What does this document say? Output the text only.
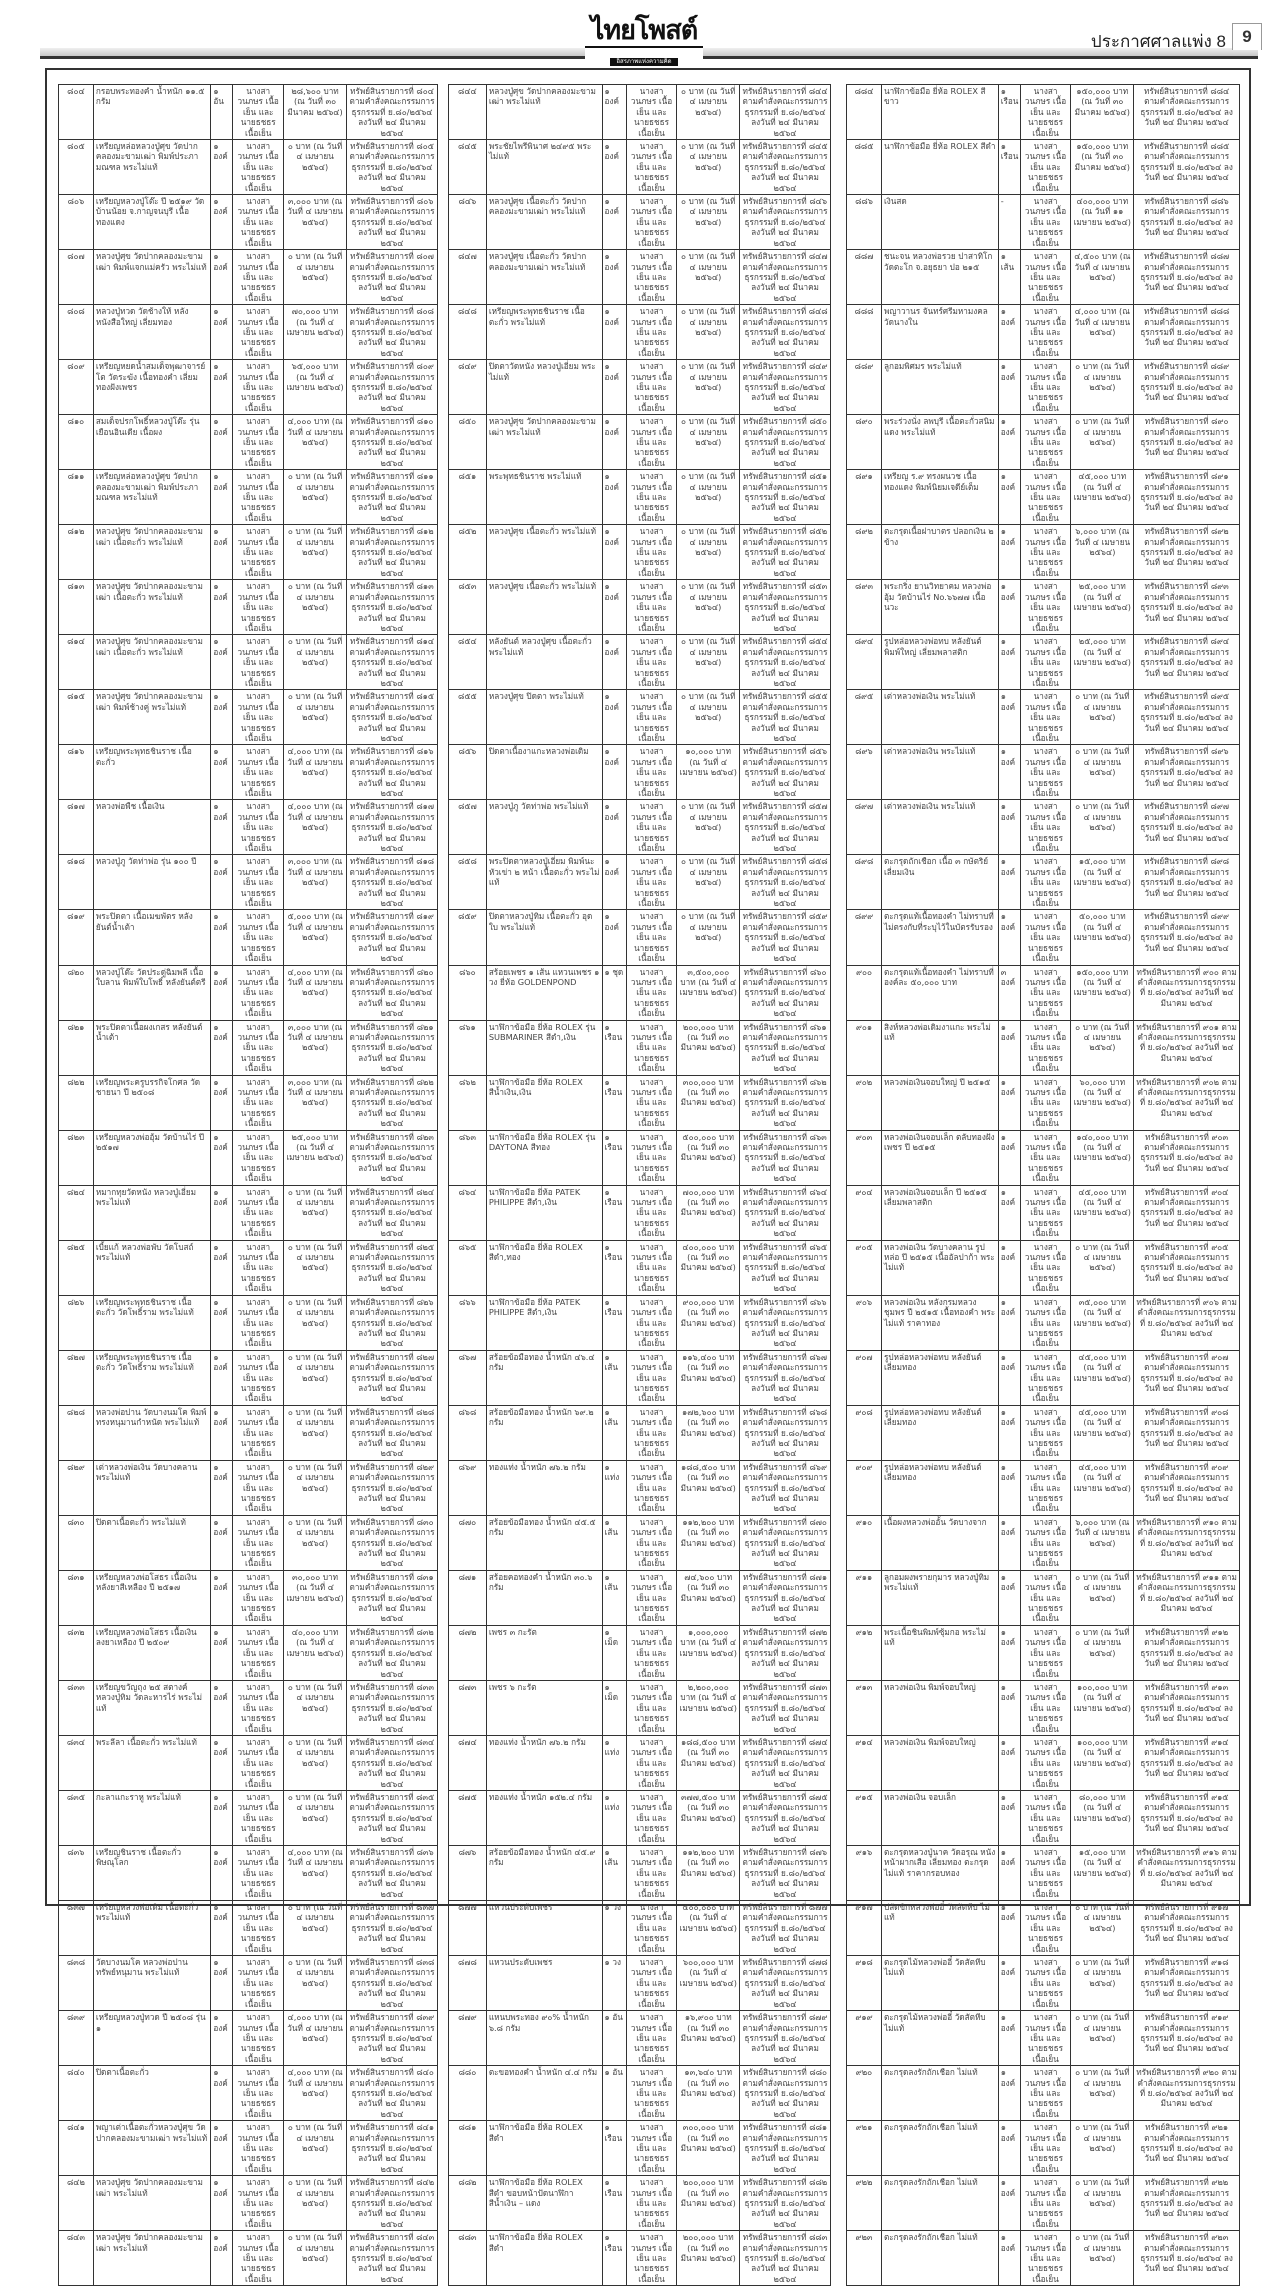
ไทยโพสต์
อิสรภาพแห่งความคิด
ประกาศศาลแพ่ง 8 9
๘๐๔	กรอบพระทองคำ น้ำหนัก ๑๑.๕ กรัม	๑ อัน	นางสาวนภษร เนื้อเย็น และ นายธชธร เนื้อเย็น	๒๘,๖๐๐ บาท (ณ วันที่ ๓๐ มีนาคม ๒๕๖๔)	ทรัพย์สินรายการที่ ๘๐๔ ตามคำสั่งคณะกรรมการธุรกรรมที่ ย.๘๐/๒๕๖๔ ลงวันที่ ๒๔ มีนาคม ๒๕๖๔
๘๐๕	เหรียญหล่อหลวงปู่ศุข วัดปากคลองมะขามเฒ่า พิมพ์ประภามณฑล พระไม่แท้	๑ องค์	นางสาวนภษร เนื้อเย็น และ นายธชธร เนื้อเย็น	๐ บาท (ณ วันที่ ๔ เมษายน ๒๕๖๔)	ทรัพย์สินรายการที่ ๘๐๕ ตามคำสั่งคณะกรรมการธุรกรรมที่ ย.๘๐/๒๕๖๔ ลงวันที่ ๒๔ มีนาคม ๒๕๖๔
๘๐๖	เหรียญหลวงปู่โต๊ะ ปี ๒๕๑๙ วัดบ้านน้อย จ.กาญจนบุรี เนื้อทองแดง	๑ องค์	นางสาวนภษร เนื้อเย็น และ นายธชธร เนื้อเย็น	๓,๐๐๐ บาท (ณ วันที่ ๔ เมษายน ๒๕๖๔)	ทรัพย์สินรายการที่ ๘๐๖ ตามคำสั่งคณะกรรมการธุรกรรมที่ ย.๘๐/๒๕๖๔ ลงวันที่ ๒๔ มีนาคม ๒๕๖๔
๘๐๗	หลวงปู่ศุข วัดปากคลองมะขามเฒ่า พิมพ์แจกแม่ครัว พระไม่แท้	๑ องค์	นางสาวนภษร เนื้อเย็น และ นายธชธร เนื้อเย็น	๐ บาท (ณ วันที่ ๔ เมษายน ๒๕๖๔)	ทรัพย์สินรายการที่ ๘๐๗ ตามคำสั่งคณะกรรมการธุรกรรมที่ ย.๘๐/๒๕๖๔ ลงวันที่ ๒๔ มีนาคม ๒๕๖๔
๘๐๘	หลวงปู่ทวด วัดช้างให้ หลังหนังสือใหญ่ เลี่ยมทอง	๑ องค์	นางสาวนภษร เนื้อเย็น และ นายธชธร เนื้อเย็น	๗๐,๐๐๐ บาท (ณ วันที่ ๔ เมษายน ๒๕๖๔)	ทรัพย์สินรายการที่ ๘๐๘ ตามคำสั่งคณะกรรมการธุรกรรมที่ ย.๘๐/๒๕๖๔ ลงวันที่ ๒๔ มีนาคม ๒๕๖๔
๘๐๙	เหรียญหยดน้ำสมเด็จพุฒาจารย์โต วัดระฆัง เนื้อทองคำ เลี่ยมทองฝังเพชร	๑ องค์	นางสาวนภษร เนื้อเย็น และ นายธชธร เนื้อเย็น	๖๕,๐๐๐ บาท (ณ วันที่ ๔ เมษายน ๒๕๖๔)	ทรัพย์สินรายการที่ ๘๐๙ ตามคำสั่งคณะกรรมการธุรกรรมที่ ย.๘๐/๒๕๖๔ ลงวันที่ ๒๔ มีนาคม ๒๕๖๔
๘๑๐	สมเด็จปรกโพธิ์หลวงปู่โต๊ะ รุ่นเยือนอินเดีย เนื้อผง	๑ องค์	นางสาวนภษร เนื้อเย็น และ นายธชธร เนื้อเย็น	๔,๐๐๐ บาท (ณ วันที่ ๔ เมษายน ๒๕๖๔)	ทรัพย์สินรายการที่ ๘๑๐ ตามคำสั่งคณะกรรมการธุรกรรมที่ ย.๘๐/๒๕๖๔ ลงวันที่ ๒๔ มีนาคม ๒๕๖๔
๘๑๑	เหรียญหล่อหลวงปู่ศุข วัดปากคลองมะขามเฒ่า พิมพ์ประภามณฑล พระไม่แท้	๑ องค์	นางสาวนภษร เนื้อเย็น และ นายธชธร เนื้อเย็น	๐ บาท (ณ วันที่ ๔ เมษายน ๒๕๖๔)	ทรัพย์สินรายการที่ ๘๑๑ ตามคำสั่งคณะกรรมการธุรกรรมที่ ย.๘๐/๒๕๖๔ ลงวันที่ ๒๔ มีนาคม ๒๕๖๔
๘๑๒	หลวงปู่ศุข วัดปากคลองมะขามเฒ่า เนื้อตะกั่ว พระไม่แท้	๑ องค์	นางสาวนภษร เนื้อเย็น และ นายธชธร เนื้อเย็น	๐ บาท (ณ วันที่ ๔ เมษายน ๒๕๖๔)	ทรัพย์สินรายการที่ ๘๑๒ ตามคำสั่งคณะกรรมการธุรกรรมที่ ย.๘๐/๒๕๖๔ ลงวันที่ ๒๔ มีนาคม ๒๕๖๔
๘๑๓	หลวงปู่ศุข วัดปากคลองมะขามเฒ่า เนื้อตะกั่ว พระไม่แท้	๑ องค์	นางสาวนภษร เนื้อเย็น และ นายธชธร เนื้อเย็น	๐ บาท (ณ วันที่ ๔ เมษายน ๒๕๖๔)	ทรัพย์สินรายการที่ ๘๑๓ ตามคำสั่งคณะกรรมการธุรกรรมที่ ย.๘๐/๒๕๖๔ ลงวันที่ ๒๔ มีนาคม ๒๕๖๔
๘๑๔	หลวงปู่ศุข วัดปากคลองมะขามเฒ่า เนื้อตะกั่ว พระไม่แท้	๑ องค์	นางสาวนภษร เนื้อเย็น และ นายธชธร เนื้อเย็น	๐ บาท (ณ วันที่ ๔ เมษายน ๒๕๖๔)	ทรัพย์สินรายการที่ ๘๑๔ ตามคำสั่งคณะกรรมการธุรกรรมที่ ย.๘๐/๒๕๖๔ ลงวันที่ ๒๔ มีนาคม ๒๕๖๔
๘๑๕	หลวงปู่ศุข วัดปากคลองมะขามเฒ่า พิมพ์ช้างคู่ พระไม่แท้	๑ องค์	นางสาวนภษร เนื้อเย็น และ นายธชธร เนื้อเย็น	๐ บาท (ณ วันที่ ๔ เมษายน ๒๕๖๔)	ทรัพย์สินรายการที่ ๘๑๕ ตามคำสั่งคณะกรรมการธุรกรรมที่ ย.๘๐/๒๕๖๔ ลงวันที่ ๒๔ มีนาคม ๒๕๖๔
๘๑๖	เหรียญพระพุทธชินราช เนื้อตะกั่ว	๑ องค์	นางสาวนภษร เนื้อเย็น และ นายธชธร เนื้อเย็น	๔,๐๐๐ บาท (ณ วันที่ ๔ เมษายน ๒๕๖๔)	ทรัพย์สินรายการที่ ๘๑๖ ตามคำสั่งคณะกรรมการธุรกรรมที่ ย.๘๐/๒๕๖๔ ลงวันที่ ๒๔ มีนาคม ๒๕๖๔
๘๑๗	หลวงพ่อพืช เนื้อเงิน	๑ องค์	นางสาวนภษร เนื้อเย็น และ นายธชธร เนื้อเย็น	๔,๐๐๐ บาท (ณ วันที่ ๔ เมษายน ๒๕๖๔)	ทรัพย์สินรายการที่ ๘๑๗ ตามคำสั่งคณะกรรมการธุรกรรมที่ ย.๘๐/๒๕๖๔ ลงวันที่ ๒๔ มีนาคม ๒๕๖๔
๘๑๘	หลวงปู่ภู วัดท่าพ่อ รุ่น ๑๐๐ ปี	๑ องค์	นางสาวนภษร เนื้อเย็น และ นายธชธร เนื้อเย็น	๓,๐๐๐ บาท (ณ วันที่ ๔ เมษายน ๒๕๖๔)	ทรัพย์สินรายการที่ ๘๑๘ ตามคำสั่งคณะกรรมการธุรกรรมที่ ย.๘๐/๒๕๖๔ ลงวันที่ ๒๔ มีนาคม ๒๕๖๔
๘๑๙	พระปิดตา เนื้อเมฆพัตร หลังยันต์น้ำเต้า	๑ องค์	นางสาวนภษร เนื้อเย็น และ นายธชธร เนื้อเย็น	๕,๐๐๐ บาท (ณ วันที่ ๔ เมษายน ๒๕๖๔)	ทรัพย์สินรายการที่ ๘๑๙ ตามคำสั่งคณะกรรมการธุรกรรมที่ ย.๘๐/๒๕๖๔ ลงวันที่ ๒๔ มีนาคม ๒๕๖๔
๘๒๐	หลวงปู่โต๊ะ วัดประดู่ฉิมพลี เนื้อใบลาน พิมพ์ใบโพธิ์ หลังยันต์ตรี	๑ องค์	นางสาวนภษร เนื้อเย็น และ นายธชธร เนื้อเย็น	๔,๐๐๐ บาท (ณ วันที่ ๔ เมษายน ๒๕๖๔)	ทรัพย์สินรายการที่ ๘๒๐ ตามคำสั่งคณะกรรมการธุรกรรมที่ ย.๘๐/๒๕๖๔ ลงวันที่ ๒๔ มีนาคม ๒๕๖๔
๘๒๑	พระปิดตาเนื้อผงเกสร หลังยันต์น้ำเต้า	๑ องค์	นางสาวนภษร เนื้อเย็น และ นายธชธร เนื้อเย็น	๓,๐๐๐ บาท (ณ วันที่ ๔ เมษายน ๒๕๖๔)	ทรัพย์สินรายการที่ ๘๒๑ ตามคำสั่งคณะกรรมการธุรกรรมที่ ย.๘๐/๒๕๖๔ ลงวันที่ ๒๔ มีนาคม ๒๕๖๔
๘๒๒	เหรียญพระครูบรรกิจโกศล วัดชายนา ปี ๒๕๐๘	๑ องค์	นางสาวนภษร เนื้อเย็น และ นายธชธร เนื้อเย็น	๓,๐๐๐ บาท (ณ วันที่ ๔ เมษายน ๒๕๖๔)	ทรัพย์สินรายการที่ ๘๒๒ ตามคำสั่งคณะกรรมการธุรกรรมที่ ย.๘๐/๒๕๖๔ ลงวันที่ ๒๔ มีนาคม ๒๕๖๔
๘๒๓	เหรียญหลวงพ่ออุ้ม วัดบ้านไร่ ปี ๒๕๑๗	๑ องค์	นางสาวนภษร เนื้อเย็น และ นายธชธร เนื้อเย็น	๒๕,๐๐๐ บาท (ณ วันที่ ๔ เมษายน ๒๕๖๔)	ทรัพย์สินรายการที่ ๘๒๓ ตามคำสั่งคณะกรรมการธุรกรรมที่ ย.๘๐/๒๕๖๔ ลงวันที่ ๒๔ มีนาคม ๒๕๖๔
๘๒๔	หมากทุยวัดหนัง หลวงปู่เอี่ยม พระไม่แท้	๑ องค์	นางสาวนภษร เนื้อเย็น และ นายธชธร เนื้อเย็น	๐ บาท (ณ วันที่ ๔ เมษายน ๒๕๖๔)	ทรัพย์สินรายการที่ ๘๒๔ ตามคำสั่งคณะกรรมการธุรกรรมที่ ย.๘๐/๒๕๖๔ ลงวันที่ ๒๔ มีนาคม ๒๕๖๔
๘๒๕	เบี้ยแก้ หลวงพ่อพับ วัดโบสถ์ พระไม่แท้	๑ องค์	นางสาวนภษร เนื้อเย็น และ นายธชธร เนื้อเย็น	๐ บาท (ณ วันที่ ๔ เมษายน ๒๕๖๔)	ทรัพย์สินรายการที่ ๘๒๕ ตามคำสั่งคณะกรรมการธุรกรรมที่ ย.๘๐/๒๕๖๔ ลงวันที่ ๒๔ มีนาคม ๒๕๖๔
๘๒๖	เหรียญพระพุทธชินราช เนื้อตะกั่ว วัดโพธิ์ราม พระไม่แท้	๑ องค์	นางสาวนภษร เนื้อเย็น และ นายธชธร เนื้อเย็น	๐ บาท (ณ วันที่ ๔ เมษายน ๒๕๖๔)	ทรัพย์สินรายการที่ ๘๒๖ ตามคำสั่งคณะกรรมการธุรกรรมที่ ย.๘๐/๒๕๖๔ ลงวันที่ ๒๔ มีนาคม ๒๕๖๔
๘๒๗	เหรียญพระพุทธชินราช เนื้อตะกั่ว วัดโพธิ์ราม พระไม่แท้	๑ องค์	นางสาวนภษร เนื้อเย็น และ นายธชธร เนื้อเย็น	๐ บาท (ณ วันที่ ๔ เมษายน ๒๕๖๔)	ทรัพย์สินรายการที่ ๘๒๗ ตามคำสั่งคณะกรรมการธุรกรรมที่ ย.๘๐/๒๕๖๔ ลงวันที่ ๒๔ มีนาคม ๒๕๖๔
๘๒๘	หลวงพ่อปาน วัดบางนมโค พิมพ์ทรงหนุมานกำหนัด พระไม่แท้	๑ องค์	นางสาวนภษร เนื้อเย็น และ นายธชธร เนื้อเย็น	๐ บาท (ณ วันที่ ๔ เมษายน ๒๕๖๔)	ทรัพย์สินรายการที่ ๘๒๘ ตามคำสั่งคณะกรรมการธุรกรรมที่ ย.๘๐/๒๕๖๔ ลงวันที่ ๒๔ มีนาคม ๒๕๖๔
๘๒๙	เต่าหลวงพ่อเงิน วัดบางคลาน พระไม่แท้	๑ องค์	นางสาวนภษร เนื้อเย็น และ นายธชธร เนื้อเย็น	๐ บาท (ณ วันที่ ๔ เมษายน ๒๕๖๔)	ทรัพย์สินรายการที่ ๘๒๙ ตามคำสั่งคณะกรรมการธุรกรรมที่ ย.๘๐/๒๕๖๔ ลงวันที่ ๒๔ มีนาคม ๒๕๖๔
๘๓๐	ปิดตาเนื้อตะกั่ว พระไม่แท้	๑ องค์	นางสาวนภษร เนื้อเย็น และ นายธชธร เนื้อเย็น	๐ บาท (ณ วันที่ ๔ เมษายน ๒๕๖๔)	ทรัพย์สินรายการที่ ๘๓๐ ตามคำสั่งคณะกรรมการธุรกรรมที่ ย.๘๐/๒๕๖๔ ลงวันที่ ๒๔ มีนาคม ๒๕๖๔
๘๓๑	เหรียญหลวงพ่อโสธร เนื้อเงินหลังยาสีเหลือง ปี ๒๕๑๗	๑ องค์	นางสาวนภษร เนื้อเย็น และ นายธชธร เนื้อเย็น	๓๐,๐๐๐ บาท (ณ วันที่ ๔ เมษายน ๒๕๖๔)	ทรัพย์สินรายการที่ ๘๓๑ ตามคำสั่งคณะกรรมการธุรกรรมที่ ย.๘๐/๒๕๖๔ ลงวันที่ ๒๔ มีนาคม ๒๕๖๔
๘๓๒	เหรียญหลวงพ่อโสธร เนื้อเงิน ลงยาเหลือง ปี ๒๕๐๙	๑ องค์	นางสาวนภษร เนื้อเย็น และ นายธชธร เนื้อเย็น	๔๐,๐๐๐ บาท (ณ วันที่ ๔ เมษายน ๒๕๖๔)	ทรัพย์สินรายการที่ ๘๓๒ ตามคำสั่งคณะกรรมการธุรกรรมที่ ย.๘๐/๒๕๖๔ ลงวันที่ ๒๔ มีนาคม ๒๕๖๔
๘๓๓	เหรียญขวัญถุง ๒๕ สตางค์ หลวงปู่ทิม วัดละหารไร่ พระไม่แท้	๑ องค์	นางสาวนภษร เนื้อเย็น และ นายธชธร เนื้อเย็น	๐ บาท (ณ วันที่ ๔ เมษายน ๒๕๖๔)	ทรัพย์สินรายการที่ ๘๓๓ ตามคำสั่งคณะกรรมการธุรกรรมที่ ย.๘๐/๒๕๖๔ ลงวันที่ ๒๔ มีนาคม ๒๕๖๔
๘๓๔	พระลีลา เนื้อตะกั่ว พระไม่แท้	๑ องค์	นางสาวนภษร เนื้อเย็น และ นายธชธร เนื้อเย็น	๐ บาท (ณ วันที่ ๔ เมษายน ๒๕๖๔)	ทรัพย์สินรายการที่ ๘๓๔ ตามคำสั่งคณะกรรมการธุรกรรมที่ ย.๘๐/๒๕๖๔ ลงวันที่ ๒๔ มีนาคม ๒๕๖๔
๘๓๕	กะลาแกะราหู พระไม่แท้	๑ องค์	นางสาวนภษร เนื้อเย็น และ นายธชธร เนื้อเย็น	๐ บาท (ณ วันที่ ๔ เมษายน ๒๕๖๔)	ทรัพย์สินรายการที่ ๘๓๕ ตามคำสั่งคณะกรรมการธุรกรรมที่ ย.๘๐/๒๕๖๔ ลงวันที่ ๒๔ มีนาคม ๒๕๖๔
๘๓๖	เหรียญชินราช เนื้อตะกั่ว พิษณุโลก	๑ องค์	นางสาวนภษร เนื้อเย็น และ นายธชธร เนื้อเย็น	๔,๐๐๐ บาท (ณ วันที่ ๔ เมษายน ๒๕๖๔)	ทรัพย์สินรายการที่ ๘๓๖ ตามคำสั่งคณะกรรมการธุรกรรมที่ ย.๘๐/๒๕๖๔ ลงวันที่ ๒๔ มีนาคม ๒๕๖๔
๘๓๗	เหรียญหลวงพ่อเดิม เนื้อตะกั่ว พระไม่แท้	๑ องค์	นางสาวนภษร เนื้อเย็น และ นายธชธร เนื้อเย็น	๐ บาท (ณ วันที่ ๔ เมษายน ๒๕๖๔)	ทรัพย์สินรายการที่ ๘๓๗ ตามคำสั่งคณะกรรมการธุรกรรมที่ ย.๘๐/๒๕๖๔ ลงวันที่ ๒๔ มีนาคม ๒๕๖๔
๘๓๘	วัดบางนมโค หลวงพ่อปาน ทรัพย์หนุมาน พระไม่แท้	๑ องค์	นางสาวนภษร เนื้อเย็น และ นายธชธร เนื้อเย็น	๐ บาท (ณ วันที่ ๔ เมษายน ๒๕๖๔)	ทรัพย์สินรายการที่ ๘๓๘ ตามคำสั่งคณะกรรมการธุรกรรมที่ ย.๘๐/๒๕๖๔ ลงวันที่ ๒๔ มีนาคม ๒๕๖๔
๘๓๙	เหรียญหลวงปู่ทวด ปี ๒๕๐๘ รุ่น ๑	๑ องค์	นางสาวนภษร เนื้อเย็น และ นายธชธร เนื้อเย็น	๔,๐๐๐ บาท (ณ วันที่ ๔ เมษายน ๒๕๖๔)	ทรัพย์สินรายการที่ ๘๓๙ ตามคำสั่งคณะกรรมการธุรกรรมที่ ย.๘๐/๒๕๖๔ ลงวันที่ ๒๔ มีนาคม ๒๕๖๔
๘๔๐	ปิดตาเนื้อตะกั่ว	๑ องค์	นางสาวนภษร เนื้อเย็น และ นายธชธร เนื้อเย็น	๔,๐๐๐ บาท (ณ วันที่ ๔ เมษายน ๒๕๖๔)	ทรัพย์สินรายการที่ ๘๔๐ ตามคำสั่งคณะกรรมการธุรกรรมที่ ย.๘๐/๒๕๖๔ ลงวันที่ ๒๔ มีนาคม ๒๕๖๔
๘๔๑	พญาเต่าเนื้อตะกั่วหลวงปู่ศุข วัดปากคลองมะขามเฒ่า พระไม่แท้	๑ องค์	นางสาวนภษร เนื้อเย็น และ นายธชธร เนื้อเย็น	๐ บาท (ณ วันที่ ๔ เมษายน ๒๕๖๔)	ทรัพย์สินรายการที่ ๘๔๑ ตามคำสั่งคณะกรรมการธุรกรรมที่ ย.๘๐/๒๕๖๔ ลงวันที่ ๒๔ มีนาคม ๒๕๖๔
๘๔๒	หลวงปู่ศุข วัดปากคลองมะขามเฒ่า พระไม่แท้	๑ องค์	นางสาวนภษร เนื้อเย็น และ นายธชธร เนื้อเย็น	๐ บาท (ณ วันที่ ๔ เมษายน ๒๕๖๔)	ทรัพย์สินรายการที่ ๘๔๒ ตามคำสั่งคณะกรรมการธุรกรรมที่ ย.๘๐/๒๕๖๔ ลงวันที่ ๒๔ มีนาคม ๒๕๖๔
๘๔๓	หลวงปู่ศุข วัดปากคลองมะขามเฒ่า พระไม่แท้	๑ องค์	นางสาวนภษร เนื้อเย็น และ นายธชธร เนื้อเย็น	๐ บาท (ณ วันที่ ๔ เมษายน ๒๕๖๔)	ทรัพย์สินรายการที่ ๘๔๓ ตามคำสั่งคณะกรรมการธุรกรรมที่ ย.๘๐/๒๕๖๔ ลงวันที่ ๒๔ มีนาคม ๒๕๖๔
๘๔๔	หลวงปู่ศุข วัดปากคลองมะขามเฒ่า พระไม่แท้	๑ องค์	นางสาวนภษร เนื้อเย็น และ นายธชธร เนื้อเย็น	๐ บาท (ณ วันที่ ๔ เมษายน ๒๕๖๔)	ทรัพย์สินรายการที่ ๘๔๔ ตามคำสั่งคณะกรรมการธุรกรรมที่ ย.๘๐/๒๕๖๔ ลงวันที่ ๒๔ มีนาคม ๒๕๖๔
๘๔๕	พระชัยไพรีพินาศ ๒๔๙๕ พระไม่แท้	๑ องค์	นางสาวนภษร เนื้อเย็น และ นายธชธร เนื้อเย็น	๐ บาท (ณ วันที่ ๔ เมษายน ๒๕๖๔)	ทรัพย์สินรายการที่ ๘๔๕ ตามคำสั่งคณะกรรมการธุรกรรมที่ ย.๘๐/๒๕๖๔ ลงวันที่ ๒๔ มีนาคม ๒๕๖๔
๘๔๖	หลวงปู่ศุข เนื้อตะกั่ว วัดปากคลองมะขามเฒ่า พระไม่แท้	๑ องค์	นางสาวนภษร เนื้อเย็น และ นายธชธร เนื้อเย็น	๐ บาท (ณ วันที่ ๔ เมษายน ๒๕๖๔)	ทรัพย์สินรายการที่ ๘๔๖ ตามคำสั่งคณะกรรมการธุรกรรมที่ ย.๘๐/๒๕๖๔ ลงวันที่ ๒๔ มีนาคม ๒๕๖๔
๘๔๗	หลวงปู่ศุข เนื้อตะกั่ว วัดปากคลองมะขามเฒ่า พระไม่แท้	๑ องค์	นางสาวนภษร เนื้อเย็น และ นายธชธร เนื้อเย็น	๐ บาท (ณ วันที่ ๔ เมษายน ๒๕๖๔)	ทรัพย์สินรายการที่ ๘๔๗ ตามคำสั่งคณะกรรมการธุรกรรมที่ ย.๘๐/๒๕๖๔ ลงวันที่ ๒๔ มีนาคม ๒๕๖๔
๘๔๘	เหรียญพระพุทธชินราช เนื้อตะกั่ว พระไม่แท้	๑ องค์	นางสาวนภษร เนื้อเย็น และ นายธชธร เนื้อเย็น	๐ บาท (ณ วันที่ ๔ เมษายน ๒๕๖๔)	ทรัพย์สินรายการที่ ๘๔๘ ตามคำสั่งคณะกรรมการธุรกรรมที่ ย.๘๐/๒๕๖๔ ลงวันที่ ๒๔ มีนาคม ๒๕๖๔
๘๔๙	ปิดตาวัดหนัง หลวงปู่เอี่ยม พระไม่แท้	๑ องค์	นางสาวนภษร เนื้อเย็น และ นายธชธร เนื้อเย็น	๐ บาท (ณ วันที่ ๔ เมษายน ๒๕๖๔)	ทรัพย์สินรายการที่ ๘๔๙ ตามคำสั่งคณะกรรมการธุรกรรมที่ ย.๘๐/๒๕๖๔ ลงวันที่ ๒๔ มีนาคม ๒๕๖๔
๘๕๐	หลวงปู่ศุข วัดปากคลองมะขามเฒ่า พระไม่แท้	๑ องค์	นางสาวนภษร เนื้อเย็น และ นายธชธร เนื้อเย็น	๐ บาท (ณ วันที่ ๔ เมษายน ๒๕๖๔)	ทรัพย์สินรายการที่ ๘๕๐ ตามคำสั่งคณะกรรมการธุรกรรมที่ ย.๘๐/๒๕๖๔ ลงวันที่ ๒๔ มีนาคม ๒๕๖๔
๘๕๑	พระพุทธชินราช พระไม่แท้	๑ องค์	นางสาวนภษร เนื้อเย็น และ นายธชธร เนื้อเย็น	๐ บาท (ณ วันที่ ๔ เมษายน ๒๕๖๔)	ทรัพย์สินรายการที่ ๘๕๑ ตามคำสั่งคณะกรรมการธุรกรรมที่ ย.๘๐/๒๕๖๔ ลงวันที่ ๒๔ มีนาคม ๒๕๖๔
๘๕๒	หลวงปู่ศุข เนื้อตะกั่ว พระไม่แท้	๑ องค์	นางสาวนภษร เนื้อเย็น และ นายธชธร เนื้อเย็น	๐ บาท (ณ วันที่ ๔ เมษายน ๒๕๖๔)	ทรัพย์สินรายการที่ ๘๕๒ ตามคำสั่งคณะกรรมการธุรกรรมที่ ย.๘๐/๒๕๖๔ ลงวันที่ ๒๔ มีนาคม ๒๕๖๔
๘๕๓	หลวงปู่ศุข เนื้อตะกั่ว พระไม่แท้	๑ องค์	นางสาวนภษร เนื้อเย็น และ นายธชธร เนื้อเย็น	๐ บาท (ณ วันที่ ๔ เมษายน ๒๕๖๔)	ทรัพย์สินรายการที่ ๘๕๓ ตามคำสั่งคณะกรรมการธุรกรรมที่ ย.๘๐/๒๕๖๔ ลงวันที่ ๒๔ มีนาคม ๒๕๖๔
๘๕๔	หลังยันต์ หลวงปู่ศุข เนื้อตะกั่ว พระไม่แท้	๑ องค์	นางสาวนภษร เนื้อเย็น และ นายธชธร เนื้อเย็น	๐ บาท (ณ วันที่ ๔ เมษายน ๒๕๖๔)	ทรัพย์สินรายการที่ ๘๕๔ ตามคำสั่งคณะกรรมการธุรกรรมที่ ย.๘๐/๒๕๖๔ ลงวันที่ ๒๔ มีนาคม ๒๕๖๔
๘๕๕	หลวงปู่ศุข ปิดตา พระไม่แท้	๑ องค์	นางสาวนภษร เนื้อเย็น และ นายธชธร เนื้อเย็น	๐ บาท (ณ วันที่ ๔ เมษายน ๒๕๖๔)	ทรัพย์สินรายการที่ ๘๕๕ ตามคำสั่งคณะกรรมการธุรกรรมที่ ย.๘๐/๒๕๖๔ ลงวันที่ ๒๔ มีนาคม ๒๕๖๔
๘๕๖	ปิดตาเนื้องาแกะหลวงพ่อเดิม	๑ องค์	นางสาวนภษร เนื้อเย็น และ นายธชธร เนื้อเย็น	๑๐,๐๐๐ บาท (ณ วันที่ ๔ เมษายน ๒๕๖๔)	ทรัพย์สินรายการที่ ๘๕๖ ตามคำสั่งคณะกรรมการธุรกรรมที่ ย.๘๐/๒๕๖๔ ลงวันที่ ๒๔ มีนาคม ๒๕๖๔
๘๕๗	หลวงปู่ภู วัดท่าพ่อ พระไม่แท้	๑ องค์	นางสาวนภษร เนื้อเย็น และ นายธชธร เนื้อเย็น	๐ บาท (ณ วันที่ ๔ เมษายน ๒๕๖๔)	ทรัพย์สินรายการที่ ๘๕๗ ตามคำสั่งคณะกรรมการธุรกรรมที่ ย.๘๐/๒๕๖๔ ลงวันที่ ๒๔ มีนาคม ๒๕๖๔
๘๕๘	พระปิดตาหลวงปู่เอี่ยม พิมพ์นะหัวเข่า ๒ หน้า เนื้อตะกั่ว พระไม่แท้	๑ องค์	นางสาวนภษร เนื้อเย็น และ นายธชธร เนื้อเย็น	๐ บาท (ณ วันที่ ๔ เมษายน ๒๕๖๔)	ทรัพย์สินรายการที่ ๘๕๘ ตามคำสั่งคณะกรรมการธุรกรรมที่ ย.๘๐/๒๕๖๔ ลงวันที่ ๒๔ มีนาคม ๒๕๖๔
๘๕๙	ปิดตาหลวงปู่ทิม เนื้อตะกั่ว อุดใบ พระไม่แท้	๑ องค์	นางสาวนภษร เนื้อเย็น และ นายธชธร เนื้อเย็น	๐ บาท (ณ วันที่ ๔ เมษายน ๒๕๖๔)	ทรัพย์สินรายการที่ ๘๕๙ ตามคำสั่งคณะกรรมการธุรกรรมที่ ย.๘๐/๒๕๖๔ ลงวันที่ ๒๔ มีนาคม ๒๕๖๔
๘๖๐	สร้อยเพชร ๑ เส้น แหวนเพชร ๑ วง ยี่ห้อ GOLDENPOND	๑ ชุด	นางสาวนภษร เนื้อเย็น และ นายธชธร เนื้อเย็น	๓,๕๐๐,๐๐๐ บาท (ณ วันที่ ๔ เมษายน ๒๕๖๔)	ทรัพย์สินรายการที่ ๘๖๐ ตามคำสั่งคณะกรรมการธุรกรรมที่ ย.๘๐/๒๕๖๔ ลงวันที่ ๒๔ มีนาคม ๒๕๖๔
๘๖๑	นาฬิกาข้อมือ ยี่ห้อ ROLEX รุ่น SUBMARINER สีดำ,เงิน	๑ เรือน	นางสาวนภษร เนื้อเย็น และ นายธชธร เนื้อเย็น	๒๐๐,๐๐๐ บาท (ณ วันที่ ๓๐ มีนาคม ๒๕๖๔)	ทรัพย์สินรายการที่ ๘๖๑ ตามคำสั่งคณะกรรมการธุรกรรมที่ ย.๘๐/๒๕๖๔ ลงวันที่ ๒๔ มีนาคม ๒๕๖๔
๘๖๒	นาฬิกาข้อมือ ยี่ห้อ ROLEX สีน้ำเงิน,เงิน	๑ เรือน	นางสาวนภษร เนื้อเย็น และ นายธชธร เนื้อเย็น	๓๐๐,๐๐๐ บาท (ณ วันที่ ๓๐ มีนาคม ๒๕๖๔)	ทรัพย์สินรายการที่ ๘๖๒ ตามคำสั่งคณะกรรมการธุรกรรมที่ ย.๘๐/๒๕๖๔ ลงวันที่ ๒๔ มีนาคม ๒๕๖๔
๘๖๓	นาฬิกาข้อมือ ยี่ห้อ ROLEX รุ่น DAYTONA สีทอง	๑ เรือน	นางสาวนภษร เนื้อเย็น และ นายธชธร เนื้อเย็น	๕๐๐,๐๐๐ บาท (ณ วันที่ ๓๐ มีนาคม ๒๕๖๔)	ทรัพย์สินรายการที่ ๘๖๓ ตามคำสั่งคณะกรรมการธุรกรรมที่ ย.๘๐/๒๕๖๔ ลงวันที่ ๒๔ มีนาคม ๒๕๖๔
๘๖๔	นาฬิกาข้อมือ ยี่ห้อ PATEK PHILIPPE สีดำ,เงิน	๑ เรือน	นางสาวนภษร เนื้อเย็น และ นายธชธร เนื้อเย็น	๗๐๐,๐๐๐ บาท (ณ วันที่ ๓๐ มีนาคม ๒๕๖๔)	ทรัพย์สินรายการที่ ๘๖๔ ตามคำสั่งคณะกรรมการธุรกรรมที่ ย.๘๐/๒๕๖๔ ลงวันที่ ๒๔ มีนาคม ๒๕๖๔
๘๖๕	นาฬิกาข้อมือ ยี่ห้อ ROLEX สีดำ,ทอง	๑ เรือน	นางสาวนภษร เนื้อเย็น และ นายธชธร เนื้อเย็น	๔๐๐,๐๐๐ บาท (ณ วันที่ ๓๐ มีนาคม ๒๕๖๔)	ทรัพย์สินรายการที่ ๘๖๕ ตามคำสั่งคณะกรรมการธุรกรรมที่ ย.๘๐/๒๕๖๔ ลงวันที่ ๒๔ มีนาคม ๒๕๖๔
๘๖๖	นาฬิกาข้อมือ ยี่ห้อ PATEK PHILIPPE สีดำ,เงิน	๑ เรือน	นางสาวนภษร เนื้อเย็น และ นายธชธร เนื้อเย็น	๙๐๐,๐๐๐ บาท (ณ วันที่ ๓๐ มีนาคม ๒๕๖๔)	ทรัพย์สินรายการที่ ๘๖๖ ตามคำสั่งคณะกรรมการธุรกรรมที่ ย.๘๐/๒๕๖๔ ลงวันที่ ๒๔ มีนาคม ๒๕๖๔
๘๖๗	สร้อยข้อมือทอง น้ำหนัก ๔๖.๔ กรัม	๑ เส้น	นางสาวนภษร เนื้อเย็น และ นายธชธร เนื้อเย็น	๑๑๖,๔๐๐ บาท (ณ วันที่ ๓๐ มีนาคม ๒๕๖๔)	ทรัพย์สินรายการที่ ๘๖๗ ตามคำสั่งคณะกรรมการธุรกรรมที่ ย.๘๐/๒๕๖๔ ลงวันที่ ๒๔ มีนาคม ๒๕๖๔
๘๖๘	สร้อยข้อมือทอง น้ำหนัก ๖๙.๒ กรัม	๑ เส้น	นางสาวนภษร เนื้อเย็น และ นายธชธร เนื้อเย็น	๑๗๒,๖๐๐ บาท (ณ วันที่ ๓๐ มีนาคม ๒๕๖๔)	ทรัพย์สินรายการที่ ๘๖๘ ตามคำสั่งคณะกรรมการธุรกรรมที่ ย.๘๐/๒๕๖๔ ลงวันที่ ๒๔ มีนาคม ๒๕๖๔
๘๖๙	ทองแท่ง น้ำหนัก ๗๖.๒ กรัม	๑ แท่ง	นางสาวนภษร เนื้อเย็น และ นายธชธร เนื้อเย็น	๑๘๘,๕๐๐ บาท (ณ วันที่ ๓๐ มีนาคม ๒๕๖๔)	ทรัพย์สินรายการที่ ๘๖๙ ตามคำสั่งคณะกรรมการธุรกรรมที่ ย.๘๐/๒๕๖๔ ลงวันที่ ๒๔ มีนาคม ๒๕๖๔
๘๗๐	สร้อยข้อมือทอง น้ำหนัก ๔๕.๕ กรัม	๑ เส้น	นางสาวนภษร เนื้อเย็น และ นายธชธร เนื้อเย็น	๑๑๒,๒๐๐ บาท (ณ วันที่ ๓๐ มีนาคม ๒๕๖๔)	ทรัพย์สินรายการที่ ๘๗๐ ตามคำสั่งคณะกรรมการธุรกรรมที่ ย.๘๐/๒๕๖๔ ลงวันที่ ๒๔ มีนาคม ๒๕๖๔
๘๗๑	สร้อยคอทองคำ น้ำหนัก ๓๐.๖ กรัม	๑ เส้น	นางสาวนภษร เนื้อเย็น และ นายธชธร เนื้อเย็น	๗๔,๖๐๐ บาท (ณ วันที่ ๓๐ มีนาคม ๒๕๖๔)	ทรัพย์สินรายการที่ ๘๗๑ ตามคำสั่งคณะกรรมการธุรกรรมที่ ย.๘๐/๒๕๖๔ ลงวันที่ ๒๔ มีนาคม ๒๕๖๔
๘๗๒	เพชร ๓ กะรัต	๑ เม็ด	นางสาวนภษร เนื้อเย็น และ นายธชธร เนื้อเย็น	๑,๐๐๐,๐๐๐ บาท (ณ วันที่ ๔ เมษายน ๒๕๖๔)	ทรัพย์สินรายการที่ ๘๗๒ ตามคำสั่งคณะกรรมการธุรกรรมที่ ย.๘๐/๒๕๖๔ ลงวันที่ ๒๔ มีนาคม ๒๕๖๔
๘๗๓	เพชร ๖ กะรัต	๑ เม็ด	นางสาวนภษร เนื้อเย็น และ นายธชธร เนื้อเย็น	๒,๒๐๐,๐๐๐ บาท (ณ วันที่ ๔ เมษายน ๒๕๖๔)	ทรัพย์สินรายการที่ ๘๗๓ ตามคำสั่งคณะกรรมการธุรกรรมที่ ย.๘๐/๒๕๖๔ ลงวันที่ ๒๔ มีนาคม ๒๕๖๔
๘๗๔	ทองแท่ง น้ำหนัก ๗๖.๒ กรัม	๑ แท่ง	นางสาวนภษร เนื้อเย็น และ นายธชธร เนื้อเย็น	๑๘๘,๕๐๐ บาท (ณ วันที่ ๓๐ มีนาคม ๒๕๖๔)	ทรัพย์สินรายการที่ ๘๗๔ ตามคำสั่งคณะกรรมการธุรกรรมที่ ย.๘๐/๒๕๖๔ ลงวันที่ ๒๔ มีนาคม ๒๕๖๔
๘๗๕	ทองแท่ง น้ำหนัก ๑๕๒.๔ กรัม	๑ แท่ง	นางสาวนภษร เนื้อเย็น และ นายธชธร เนื้อเย็น	๓๗๗,๕๐๐ บาท (ณ วันที่ ๓๐ มีนาคม ๒๕๖๔)	ทรัพย์สินรายการที่ ๘๗๕ ตามคำสั่งคณะกรรมการธุรกรรมที่ ย.๘๐/๒๕๖๔ ลงวันที่ ๒๔ มีนาคม ๒๕๖๔
๘๗๖	สร้อยข้อมือทอง น้ำหนัก ๔๕.๙ กรัม	๑ เส้น	นางสาวนภษร เนื้อเย็น และ นายธชธร เนื้อเย็น	๑๑๒,๒๐๐ บาท (ณ วันที่ ๓๐ มีนาคม ๒๕๖๔)	ทรัพย์สินรายการที่ ๘๗๖ ตามคำสั่งคณะกรรมการธุรกรรมที่ ย.๘๐/๒๕๖๔ ลงวันที่ ๒๔ มีนาคม ๒๕๖๔
๘๗๗	แหวนประดับเพชร	๑ วง	นางสาวนภษร เนื้อเย็น และ นายธชธร เนื้อเย็น	๕๐๐,๐๐๐ บาท (ณ วันที่ ๔ เมษายน ๒๕๖๔)	ทรัพย์สินรายการที่ ๘๗๗ ตามคำสั่งคณะกรรมการธุรกรรมที่ ย.๘๐/๒๕๖๔ ลงวันที่ ๒๔ มีนาคม ๒๕๖๔
๘๗๘	แหวนประดับเพชร	๑ วง	นางสาวนภษร เนื้อเย็น และ นายธชธร เนื้อเย็น	๖๐๐,๐๐๐ บาท (ณ วันที่ ๔ เมษายน ๒๕๖๔)	ทรัพย์สินรายการที่ ๘๗๘ ตามคำสั่งคณะกรรมการธุรกรรมที่ ย.๘๐/๒๕๖๔ ลงวันที่ ๒๔ มีนาคม ๒๕๖๔
๘๗๙	แหนบพระทอง ๙๐% น้ำหนัก ๖.๘ กรัม	๑ อัน	นางสาวนภษร เนื้อเย็น และ นายธชธร เนื้อเย็น	๑๖,๙๐๐ บาท (ณ วันที่ ๓๐ มีนาคม ๒๕๖๔)	ทรัพย์สินรายการที่ ๘๗๙ ตามคำสั่งคณะกรรมการธุรกรรมที่ ย.๘๐/๒๕๖๔ ลงวันที่ ๒๔ มีนาคม ๒๕๖๔
๘๘๐	ตะขอทองคำ น้ำหนัก ๔.๔ กรัม	๑ อัน	นางสาวนภษร เนื้อเย็น และ นายธชธร เนื้อเย็น	๑๓,๖๔๐ บาท (ณ วันที่ ๓๐ มีนาคม ๒๕๖๔)	ทรัพย์สินรายการที่ ๘๘๐ ตามคำสั่งคณะกรรมการธุรกรรมที่ ย.๘๐/๒๕๖๔ ลงวันที่ ๒๔ มีนาคม ๒๕๖๔
๘๘๑	นาฬิกาข้อมือ ยี่ห้อ ROLEX สีดำ	๑ เรือน	นางสาวนภษร เนื้อเย็น และ นายธชธร เนื้อเย็น	๓๐๐,๐๐๐ บาท (ณ วันที่ ๓๐ มีนาคม ๒๕๖๔)	ทรัพย์สินรายการที่ ๘๘๑ ตามคำสั่งคณะกรรมการธุรกรรมที่ ย.๘๐/๒๕๖๔ ลงวันที่ ๒๔ มีนาคม ๒๕๖๔
๘๘๒	นาฬิกาข้อมือ ยี่ห้อ ROLEX สีดำ ขอบหน้าปัดนาฬิกาสีน้ำเงิน – แดง	๑ เรือน	นางสาวนภษร เนื้อเย็น และ นายธชธร เนื้อเย็น	๒๐๐,๐๐๐ บาท (ณ วันที่ ๓๐ มีนาคม ๒๕๖๔)	ทรัพย์สินรายการที่ ๘๘๒ ตามคำสั่งคณะกรรมการธุรกรรมที่ ย.๘๐/๒๕๖๔ ลงวันที่ ๒๔ มีนาคม ๒๕๖๔
๘๘๓	นาฬิกาข้อมือ ยี่ห้อ ROLEX สีดำ	๑ เรือน	นางสาวนภษร เนื้อเย็น และ นายธชธร เนื้อเย็น	๒๐๐,๐๐๐ บาท (ณ วันที่ ๓๐ มีนาคม ๒๕๖๔)	ทรัพย์สินรายการที่ ๘๘๓ ตามคำสั่งคณะกรรมการธุรกรรมที่ ย.๘๐/๒๕๖๔ ลงวันที่ ๒๔ มีนาคม ๒๕๖๔
๘๘๔	นาฬิกาข้อมือ ยี่ห้อ ROLEX สีขาว	๑ เรือน	นางสาวนภษร เนื้อเย็น และ นายธชธร เนื้อเย็น	๑๕๐,๐๐๐ บาท (ณ วันที่ ๓๐ มีนาคม ๒๕๖๔)	ทรัพย์สินรายการที่ ๘๘๔ ตามคำสั่งคณะกรรมการธุรกรรมที่ ย.๘๐/๒๕๖๔ ลงวันที่ ๒๔ มีนาคม ๒๕๖๔
๘๘๕	นาฬิกาข้อมือ ยี่ห้อ ROLEX สีดำ	๑ เรือน	นางสาวนภษร เนื้อเย็น และ นายธชธร เนื้อเย็น	๑๕๐,๐๐๐ บาท (ณ วันที่ ๓๐ มีนาคม ๒๕๖๔)	ทรัพย์สินรายการที่ ๘๘๕ ตามคำสั่งคณะกรรมการธุรกรรมที่ ย.๘๐/๒๕๖๔ ลงวันที่ ๒๔ มีนาคม ๒๕๖๔
๘๘๖	เงินสด	-	นางสาวนภษร เนื้อเย็น และ นายธชธร เนื้อเย็น	๔๐๐,๐๐๐ บาท (ณ วันที่ ๑๑ เมษายน ๒๕๖๔)	ทรัพย์สินรายการที่ ๘๘๖ ตามคำสั่งคณะกรรมการธุรกรรมที่ ย.๘๐/๒๕๖๔ ลงวันที่ ๒๔ มีนาคม ๒๕๖๔
๘๘๗	ชนะจน หลวงพ่อรวย ปาสาทิโก วัดตะโก จ.อยุธยา ปอ ๒๑๕	๑ เส้น	นางสาวนภษร เนื้อเย็น และ นายธชธร เนื้อเย็น	๔,๕๐๐ บาท (ณ วันที่ ๔ เมษายน ๒๕๖๔)	ทรัพย์สินรายการที่ ๘๘๗ ตามคำสั่งคณะกรรมการธุรกรรมที่ ย.๘๐/๒๕๖๔ ลงวันที่ ๒๔ มีนาคม ๒๕๖๔
๘๘๘	พญาวานร จันทร์ศรีมหามงคล วัดนางใน	๑ องค์	นางสาวนภษร เนื้อเย็น และ นายธชธร เนื้อเย็น	๔,๐๐๐ บาท (ณ วันที่ ๔ เมษายน ๒๕๖๔)	ทรัพย์สินรายการที่ ๘๘๘ ตามคำสั่งคณะกรรมการธุรกรรมที่ ย.๘๐/๒๕๖๔ ลงวันที่ ๒๔ มีนาคม ๒๕๖๔
๘๘๙	ลูกอมพิศมร พระไม่แท้	๑ องค์	นางสาวนภษร เนื้อเย็น และ นายธชธร เนื้อเย็น	๐ บาท (ณ วันที่ ๔ เมษายน ๒๕๖๔)	ทรัพย์สินรายการที่ ๘๘๙ ตามคำสั่งคณะกรรมการธุรกรรมที่ ย.๘๐/๒๕๖๔ ลงวันที่ ๒๔ มีนาคม ๒๕๖๔
๘๙๐	พระร่วงนั่ง ลพบุรี เนื้อตะกั่วสนิมแดง พระไม่แท้	๑ องค์	นางสาวนภษร เนื้อเย็น และ นายธชธร เนื้อเย็น	๐ บาท (ณ วันที่ ๔ เมษายน ๒๕๖๔)	ทรัพย์สินรายการที่ ๘๙๐ ตามคำสั่งคณะกรรมการธุรกรรมที่ ย.๘๐/๒๕๖๔ ลงวันที่ ๒๔ มีนาคม ๒๕๖๔
๘๙๑	เหรียญ ร.๙ ทรงผนวช เนื้อทองแดง พิมพ์นิยมเจดีย์เต็ม	๑ องค์	นางสาวนภษร เนื้อเย็น และ นายธชธร เนื้อเย็น	๔๕,๐๐๐ บาท (ณ วันที่ ๔ เมษายน ๒๕๖๔)	ทรัพย์สินรายการที่ ๘๙๑ ตามคำสั่งคณะกรรมการธุรกรรมที่ ย.๘๐/๒๕๖๔ ลงวันที่ ๒๔ มีนาคม ๒๕๖๔
๘๙๒	ตะกรุดเนื้อฝาบาตร ปลอกเงิน ๒ ข้าง	๑ องค์	นางสาวนภษร เนื้อเย็น และ นายธชธร เนื้อเย็น	๖,๐๐๐ บาท (ณ วันที่ ๔ เมษายน ๒๕๖๔)	ทรัพย์สินรายการที่ ๘๙๒ ตามคำสั่งคณะกรรมการธุรกรรมที่ ย.๘๐/๒๕๖๔ ลงวันที่ ๒๔ มีนาคม ๒๕๖๔
๘๙๓	พระกริ่ง ยานวิทยาคม หลวงพ่ออุ้ม วัดบ้านไร่ No.๖๖๗๗ เนื้อนวะ	๑ องค์	นางสาวนภษร เนื้อเย็น และ นายธชธร เนื้อเย็น	๒๕,๐๐๐ บาท (ณ วันที่ ๔ เมษายน ๒๕๖๔)	ทรัพย์สินรายการที่ ๘๙๓ ตามคำสั่งคณะกรรมการธุรกรรมที่ ย.๘๐/๒๕๖๔ ลงวันที่ ๒๔ มีนาคม ๒๕๖๔
๘๙๔	รูปหล่อหลวงพ่อทบ หลังยันต์พิมพ์ใหญ่ เลี่ยมพลาสติก	๑ องค์	นางสาวนภษร เนื้อเย็น และ นายธชธร เนื้อเย็น	๒๕,๐๐๐ บาท (ณ วันที่ ๔ เมษายน ๒๕๖๔)	ทรัพย์สินรายการที่ ๘๙๔ ตามคำสั่งคณะกรรมการธุรกรรมที่ ย.๘๐/๒๕๖๔ ลงวันที่ ๒๔ มีนาคม ๒๕๖๔
๘๙๕	เต่าหลวงพ่อเงิน พระไม่แท้	๑ องค์	นางสาวนภษร เนื้อเย็น และ นายธชธร เนื้อเย็น	๐ บาท (ณ วันที่ ๔ เมษายน ๒๕๖๔)	ทรัพย์สินรายการที่ ๘๙๕ ตามคำสั่งคณะกรรมการธุรกรรมที่ ย.๘๐/๒๕๖๔ ลงวันที่ ๒๔ มีนาคม ๒๕๖๔
๘๙๖	เต่าหลวงพ่อเงิน พระไม่แท้	๑ องค์	นางสาวนภษร เนื้อเย็น และ นายธชธร เนื้อเย็น	๐ บาท (ณ วันที่ ๔ เมษายน ๒๕๖๔)	ทรัพย์สินรายการที่ ๘๙๖ ตามคำสั่งคณะกรรมการธุรกรรมที่ ย.๘๐/๒๕๖๔ ลงวันที่ ๒๔ มีนาคม ๒๕๖๔
๘๙๗	เต่าหลวงพ่อเงิน พระไม่แท้	๑ องค์	นางสาวนภษร เนื้อเย็น และ นายธชธร เนื้อเย็น	๐ บาท (ณ วันที่ ๔ เมษายน ๒๕๖๔)	ทรัพย์สินรายการที่ ๘๙๗ ตามคำสั่งคณะกรรมการธุรกรรมที่ ย.๘๐/๒๕๖๔ ลงวันที่ ๒๔ มีนาคม ๒๕๖๔
๘๙๘	ตะกรุดถักเชือก เนื้อ ๓ กษัตริย์ เลี่ยมเงิน	๑ องค์	นางสาวนภษร เนื้อเย็น และ นายธชธร เนื้อเย็น	๑๕,๐๐๐ บาท (ณ วันที่ ๔ เมษายน ๒๕๖๔)	ทรัพย์สินรายการที่ ๘๙๘ ตามคำสั่งคณะกรรมการธุรกรรมที่ ย.๘๐/๒๕๖๔ ลงวันที่ ๒๔ มีนาคม ๒๕๖๔
๘๙๙	ตะกรุดแท้เนื้อทองคำ ไม่ทราบที่ ไม่ตรงกับที่ระบุไว้ในบัตรรับรอง	๑ องค์	นางสาวนภษร เนื้อเย็น และ นายธชธร เนื้อเย็น	๕๐,๐๐๐ บาท (ณ วันที่ ๔ เมษายน ๒๕๖๔)	ทรัพย์สินรายการที่ ๘๙๙ ตามคำสั่งคณะกรรมการธุรกรรมที่ ย.๘๐/๒๕๖๔ ลงวันที่ ๒๔ มีนาคม ๒๕๖๔
๙๐๐	ตะกรุดแท้เนื้อทองคำ ไม่ทราบที่ องค์ละ ๕๐,๐๐๐ บาท	๓ องค์	นางสาวนภษร เนื้อเย็น และ นายธชธร เนื้อเย็น	๑๕๐,๐๐๐ บาท (ณ วันที่ ๔ เมษายน ๒๕๖๔)	ทรัพย์สินรายการที่ ๙๐๐ ตามคำสั่งคณะกรรมการธุรกรรมที่ ย.๘๐/๒๕๖๔ ลงวันที่ ๒๔ มีนาคม ๒๕๖๔
๙๐๑	สิงห์หลวงพ่อเดิมงาแกะ พระไม่แท้	๑ องค์	นางสาวนภษร เนื้อเย็น และ นายธชธร เนื้อเย็น	๐ บาท (ณ วันที่ ๔ เมษายน ๒๕๖๔)	ทรัพย์สินรายการที่ ๙๐๑ ตามคำสั่งคณะกรรมการธุรกรรมที่ ย.๘๐/๒๕๖๔ ลงวันที่ ๒๔ มีนาคม ๒๕๖๔
๙๐๒	หลวงพ่อเงินจอบใหญ่ ปี ๒๕๑๕	๑ องค์	นางสาวนภษร เนื้อเย็น และ นายธชธร เนื้อเย็น	๖๐,๐๐๐ บาท (ณ วันที่ ๔ เมษายน ๒๕๖๔)	ทรัพย์สินรายการที่ ๙๐๒ ตามคำสั่งคณะกรรมการธุรกรรมที่ ย.๘๐/๒๕๖๔ ลงวันที่ ๒๔ มีนาคม ๒๕๖๔
๙๐๓	หลวงพ่อเงินจอบเล็ก ตลับทองฝังเพชร ปี ๒๕๑๕	๑ องค์	นางสาวนภษร เนื้อเย็น และ นายธชธร เนื้อเย็น	๑๔๐,๐๐๐ บาท (ณ วันที่ ๔ เมษายน ๒๕๖๔)	ทรัพย์สินรายการที่ ๙๐๓ ตามคำสั่งคณะกรรมการธุรกรรมที่ ย.๘๐/๒๕๖๔ ลงวันที่ ๒๔ มีนาคม ๒๕๖๔
๙๐๔	หลวงพ่อเงินจอบเล็ก ปี ๒๕๑๕ เลี่ยมพลาสติก	๑ องค์	นางสาวนภษร เนื้อเย็น และ นายธชธร เนื้อเย็น	๔๕,๐๐๐ บาท (ณ วันที่ ๔ เมษายน ๒๕๖๔)	ทรัพย์สินรายการที่ ๙๐๔ ตามคำสั่งคณะกรรมการธุรกรรมที่ ย.๘๐/๒๕๖๔ ลงวันที่ ๒๔ มีนาคม ๒๕๖๔
๙๐๕	หลวงพ่อเงิน วัดบางคลาน รูปหล่อ ปี ๒๕๑๕ เนื้ออัลปาก้า พระไม่แท้	๑ องค์	นางสาวนภษร เนื้อเย็น และ นายธชธร เนื้อเย็น	๐ บาท (ณ วันที่ ๔ เมษายน ๒๕๖๔)	ทรัพย์สินรายการที่ ๙๐๕ ตามคำสั่งคณะกรรมการธุรกรรมที่ ย.๘๐/๒๕๖๔ ลงวันที่ ๒๔ มีนาคม ๒๕๖๔
๙๐๖	หลวงพ่อเงิน หลังกรมหลวงชุมพร ปี ๒๕๑๕ เนื้อทองคำ พระไม่แท้ ราคาทอง	๑ องค์	นางสาวนภษร เนื้อเย็น และ นายธชธร เนื้อเย็น	๓๕,๐๐๐ บาท (ณ วันที่ ๔ เมษายน ๒๕๖๔)	ทรัพย์สินรายการที่ ๙๐๖ ตามคำสั่งคณะกรรมการธุรกรรมที่ ย.๘๐/๒๕๖๔ ลงวันที่ ๒๔ มีนาคม ๒๕๖๔
๙๐๗	รูปหล่อหลวงพ่อทบ หลังยันต์ เลี่ยมทอง	๑ องค์	นางสาวนภษร เนื้อเย็น และ นายธชธร เนื้อเย็น	๔๕,๐๐๐ บาท (ณ วันที่ ๔ เมษายน ๒๕๖๔)	ทรัพย์สินรายการที่ ๙๐๗ ตามคำสั่งคณะกรรมการธุรกรรมที่ ย.๘๐/๒๕๖๔ ลงวันที่ ๒๔ มีนาคม ๒๕๖๔
๙๐๘	รูปหล่อหลวงพ่อทบ หลังยันต์ เลี่ยมทอง	๑ องค์	นางสาวนภษร เนื้อเย็น และ นายธชธร เนื้อเย็น	๔๕,๐๐๐ บาท (ณ วันที่ ๔ เมษายน ๒๕๖๔)	ทรัพย์สินรายการที่ ๙๐๘ ตามคำสั่งคณะกรรมการธุรกรรมที่ ย.๘๐/๒๕๖๔ ลงวันที่ ๒๔ มีนาคม ๒๕๖๔
๙๐๙	รูปหล่อหลวงพ่อทบ หลังยันต์ เลี่ยมทอง	๑ องค์	นางสาวนภษร เนื้อเย็น และ นายธชธร เนื้อเย็น	๔๕,๐๐๐ บาท (ณ วันที่ ๔ เมษายน ๒๕๖๔)	ทรัพย์สินรายการที่ ๙๐๙ ตามคำสั่งคณะกรรมการธุรกรรมที่ ย.๘๐/๒๕๖๔ ลงวันที่ ๒๔ มีนาคม ๒๕๖๔
๙๑๐	เนื้อผงหลวงพ่ออั้น วัดบางจาก	๑ องค์	นางสาวนภษร เนื้อเย็น และ นายธชธร เนื้อเย็น	๖,๐๐๐ บาท (ณ วันที่ ๔ เมษายน ๒๕๖๔)	ทรัพย์สินรายการที่ ๙๑๐ ตามคำสั่งคณะกรรมการธุรกรรมที่ ย.๘๐/๒๕๖๔ ลงวันที่ ๒๔ มีนาคม ๒๕๖๔
๙๑๑	ลูกอมผงพรายกุมาร หลวงปู่ทิม พระไม่แท้	๑ องค์	นางสาวนภษร เนื้อเย็น และ นายธชธร เนื้อเย็น	๐ บาท (ณ วันที่ ๔ เมษายน ๒๕๖๔)	ทรัพย์สินรายการที่ ๙๑๑ ตามคำสั่งคณะกรรมการธุรกรรมที่ ย.๘๐/๒๕๖๔ ลงวันที่ ๒๔ มีนาคม ๒๕๖๔
๙๑๒	พระเนื้อชินพิมพ์ซุ้มกอ พระไม่แท้	๑ องค์	นางสาวนภษร เนื้อเย็น และ นายธชธร เนื้อเย็น	๐ บาท (ณ วันที่ ๔ เมษายน ๒๕๖๔)	ทรัพย์สินรายการที่ ๙๑๒ ตามคำสั่งคณะกรรมการธุรกรรมที่ ย.๘๐/๒๕๖๔ ลงวันที่ ๒๔ มีนาคม ๒๕๖๔
๙๑๓	หลวงพ่อเงิน พิมพ์จอบใหญ่	๑ องค์	นางสาวนภษร เนื้อเย็น และ นายธชธร เนื้อเย็น	๑๐๐,๐๐๐ บาท (ณ วันที่ ๔ เมษายน ๒๕๖๔)	ทรัพย์สินรายการที่ ๙๑๓ ตามคำสั่งคณะกรรมการธุรกรรมที่ ย.๘๐/๒๕๖๔ ลงวันที่ ๒๔ มีนาคม ๒๕๖๔
๙๑๔	หลวงพ่อเงิน พิมพ์จอบใหญ่	๑ องค์	นางสาวนภษร เนื้อเย็น และ นายธชธร เนื้อเย็น	๑๐๐,๐๐๐ บาท (ณ วันที่ ๔ เมษายน ๒๕๖๔)	ทรัพย์สินรายการที่ ๙๑๔ ตามคำสั่งคณะกรรมการธุรกรรมที่ ย.๘๐/๒๕๖๔ ลงวันที่ ๒๔ มีนาคม ๒๕๖๔
๙๑๕	หลวงพ่อเงิน จอบเล็ก	๑ องค์	นางสาวนภษร เนื้อเย็น และ นายธชธร เนื้อเย็น	๘๐,๐๐๐ บาท (ณ วันที่ ๔ เมษายน ๒๕๖๔)	ทรัพย์สินรายการที่ ๙๑๕ ตามคำสั่งคณะกรรมการธุรกรรมที่ ย.๘๐/๒๕๖๔ ลงวันที่ ๒๔ มีนาคม ๒๕๖๔
๙๑๖	ตะกรุดหลวงปู่นาค วัดอรุณ หนังหน้าผากเสือ เลี่ยมทอง ตะกรุดไม่แท้ ราคากรอบทอง	๑ องค์	นางสาวนภษร เนื้อเย็น และ นายธชธร เนื้อเย็น	๑๕,๐๐๐ บาท (ณ วันที่ ๔ เมษายน ๒๕๖๔)	ทรัพย์สินรายการที่ ๙๑๖ ตามคำสั่งคณะกรรมการธุรกรรมที่ ย.๘๐/๒๕๖๔ ลงวันที่ ๒๔ มีนาคม ๒๕๖๔
๙๑๗	ปลัดขิกหลวงพ่ออี๋ วัดสัตหีบ ไม่แท้	๑ องค์	นางสาวนภษร เนื้อเย็น และ นายธชธร เนื้อเย็น	๐ บาท (ณ วันที่ ๔ เมษายน ๒๕๖๔)	ทรัพย์สินรายการที่ ๙๑๗ ตามคำสั่งคณะกรรมการธุรกรรมที่ ย.๘๐/๒๕๖๔ ลงวันที่ ๒๔ มีนาคม ๒๕๖๔
๙๑๘	ตะกรุดไม้หลวงพ่ออี๋ วัดสัตหีบ ไม่แท้	๑ องค์	นางสาวนภษร เนื้อเย็น และ นายธชธร เนื้อเย็น	๐ บาท (ณ วันที่ ๔ เมษายน ๒๕๖๔)	ทรัพย์สินรายการที่ ๙๑๘ ตามคำสั่งคณะกรรมการธุรกรรมที่ ย.๘๐/๒๕๖๔ ลงวันที่ ๒๔ มีนาคม ๒๕๖๔
๙๑๙	ตะกรุดไม้หลวงพ่ออี๋ วัดสัตหีบ ไม่แท้	๑ องค์	นางสาวนภษร เนื้อเย็น และ นายธชธร เนื้อเย็น	๐ บาท (ณ วันที่ ๔ เมษายน ๒๕๖๔)	ทรัพย์สินรายการที่ ๙๑๙ ตามคำสั่งคณะกรรมการธุรกรรมที่ ย.๘๐/๒๕๖๔ ลงวันที่ ๒๔ มีนาคม ๒๕๖๔
๙๒๐	ตะกรุดลงรักถักเชือก ไม่แท้	๑ องค์	นางสาวนภษร เนื้อเย็น และ นายธชธร เนื้อเย็น	๐ บาท (ณ วันที่ ๔ เมษายน ๒๕๖๔)	ทรัพย์สินรายการที่ ๙๒๐ ตามคำสั่งคณะกรรมการธุรกรรมที่ ย.๘๐/๒๕๖๔ ลงวันที่ ๒๔ มีนาคม ๒๕๖๔
๙๒๑	ตะกรุดลงรักถักเชือก ไม่แท้	๑ องค์	นางสาวนภษร เนื้อเย็น และ นายธชธร เนื้อเย็น	๐ บาท (ณ วันที่ ๔ เมษายน ๒๕๖๔)	ทรัพย์สินรายการที่ ๙๒๑ ตามคำสั่งคณะกรรมการธุรกรรมที่ ย.๘๐/๒๕๖๔ ลงวันที่ ๒๔ มีนาคม ๒๕๖๔
๙๒๒	ตะกรุดลงรักถักเชือก ไม่แท้	๑ องค์	นางสาวนภษร เนื้อเย็น และ นายธชธร เนื้อเย็น	๐ บาท (ณ วันที่ ๔ เมษายน ๒๕๖๔)	ทรัพย์สินรายการที่ ๙๒๒ ตามคำสั่งคณะกรรมการธุรกรรมที่ ย.๘๐/๒๕๖๔ ลงวันที่ ๒๔ มีนาคม ๒๕๖๔
๙๒๓	ตะกรุดลงรักถักเชือก ไม่แท้	๑ องค์	นางสาวนภษร เนื้อเย็น และ นายธชธร เนื้อเย็น	๐ บาท (ณ วันที่ ๔ เมษายน ๒๕๖๔)	ทรัพย์สินรายการที่ ๙๒๓ ตามคำสั่งคณะกรรมการธุรกรรมที่ ย.๘๐/๒๕๖๔ ลงวันที่ ๒๔ มีนาคม ๒๕๖๔
